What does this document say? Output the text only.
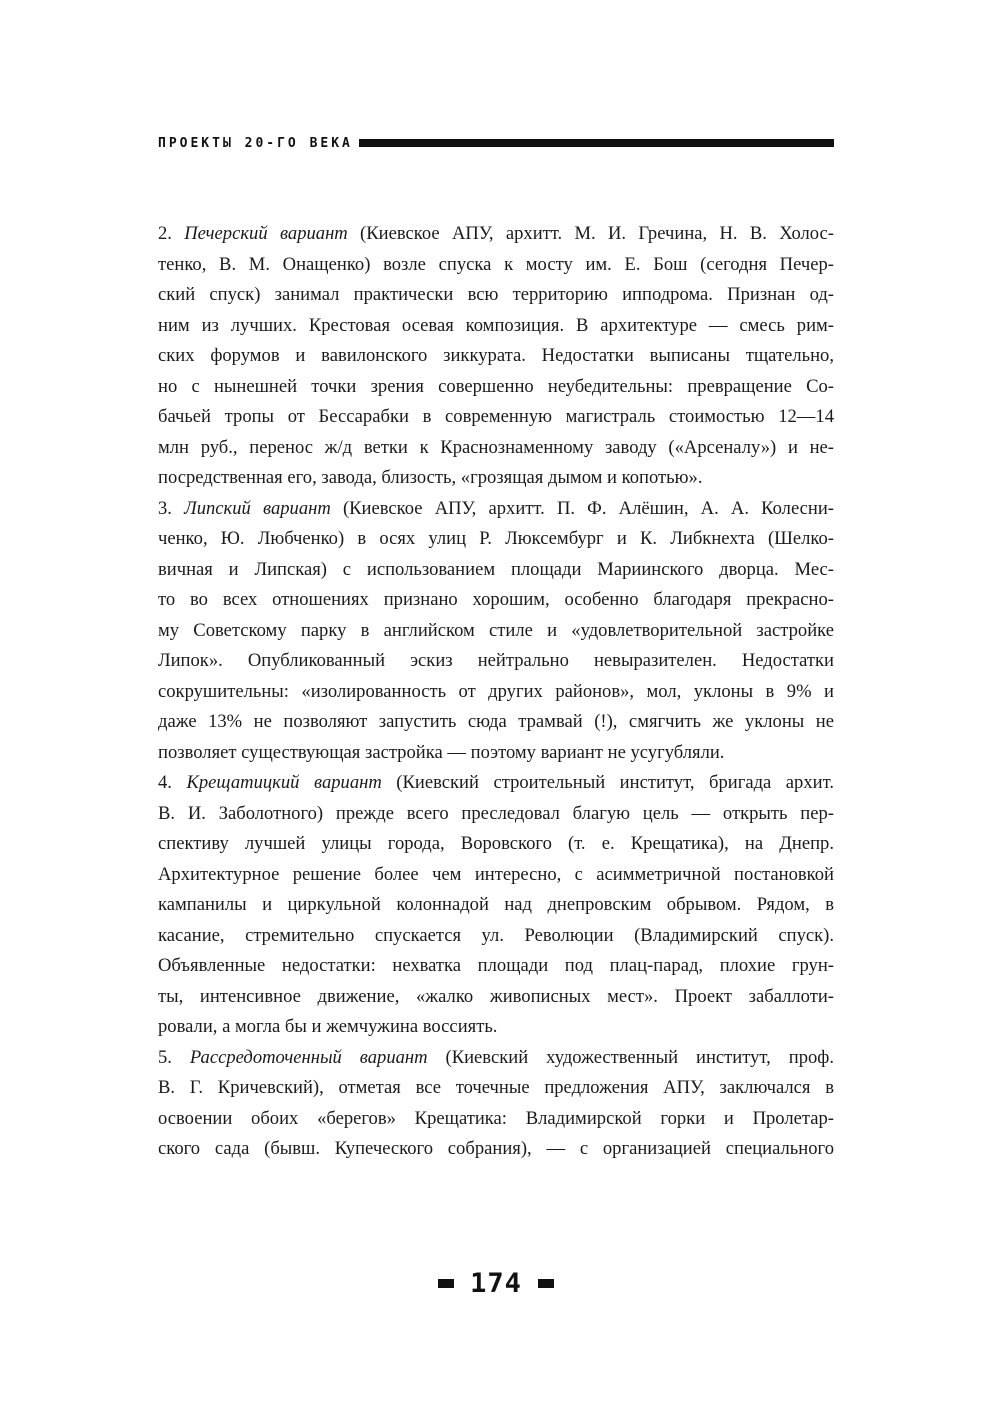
ПРОЕКТЫ 20-ГО ВЕКА
2. Печерский вариант (Киевское АПУ, архитт. М. И. Гречина, Н. В. Холос-
тенко, В. М. Онащенко) возле спуска к мосту им. Е. Бош (сегодня Печер-
ский спуск) занимал практически всю территорию ипподрома. Признан од-
ним из лучших. Крестовая осевая композиция. В архитектуре — смесь рим-
ских форумов и вавилонского зиккурата. Недостатки выписаны тщательно,
но с нынешней точки зрения совершенно неубедительны: превращение Со-
бачьей тропы от Бессарабки в современную магистраль стоимостью 12—14
млн руб., перенос ж/д ветки к Краснознаменному заводу («Арсеналу») и не-
посредственная его, завода, близость, «грозящая дымом и копотью».
3. Липский вариант (Киевское АПУ, архитт. П. Ф. Алёшин, А. А. Колесни-
ченко, Ю. Любченко) в осях улиц Р. Люксембург и К. Либкнехта (Шелко-
вичная и Липская) с использованием площади Мариинского дворца. Мес-
то во всех отношениях признано хорошим, особенно благодаря прекрасно-
му Советскому парку в английском стиле и «удовлетворительной застройке
Липок». Опубликованный эскиз нейтрально невыразителен. Недостатки
сокрушительны: «изолированность от других районов», мол, уклоны в 9% и
даже 13% не позволяют запустить сюда трамвай (!), смягчить же уклоны не
позволяет существующая застройка — поэтому вариант не усугубляли.
4. Крещатицкий вариант (Киевский строительный институт, бригада архит.
В. И. Заболотного) прежде всего преследовал благую цель — открыть пер-
спективу лучшей улицы города, Воровского (т. е. Крещатика), на Днепр.
Архитектурное решение более чем интересно, с асимметричной постановкой
кампанилы и циркульной колоннадой над днепровским обрывом. Рядом, в
касание, стремительно спускается ул. Революции (Владимирский спуск).
Объявленные недостатки: нехватка площади под плац-парад, плохие грун-
ты, интенсивное движение, «жалко живописных мест». Проект забаллоти-
ровали, а могла бы и жемчужина воссиять.
5. Рассредоточенный вариант (Киевский художественный институт, проф.
В. Г. Кричевский), отметая все точечные предложения АПУ, заключался в
освоении обоих «берегов» Крещатика: Владимирской горки и Пролетар-
ского сада (бывш. Купеческого собрания), — с организацией специального
174
